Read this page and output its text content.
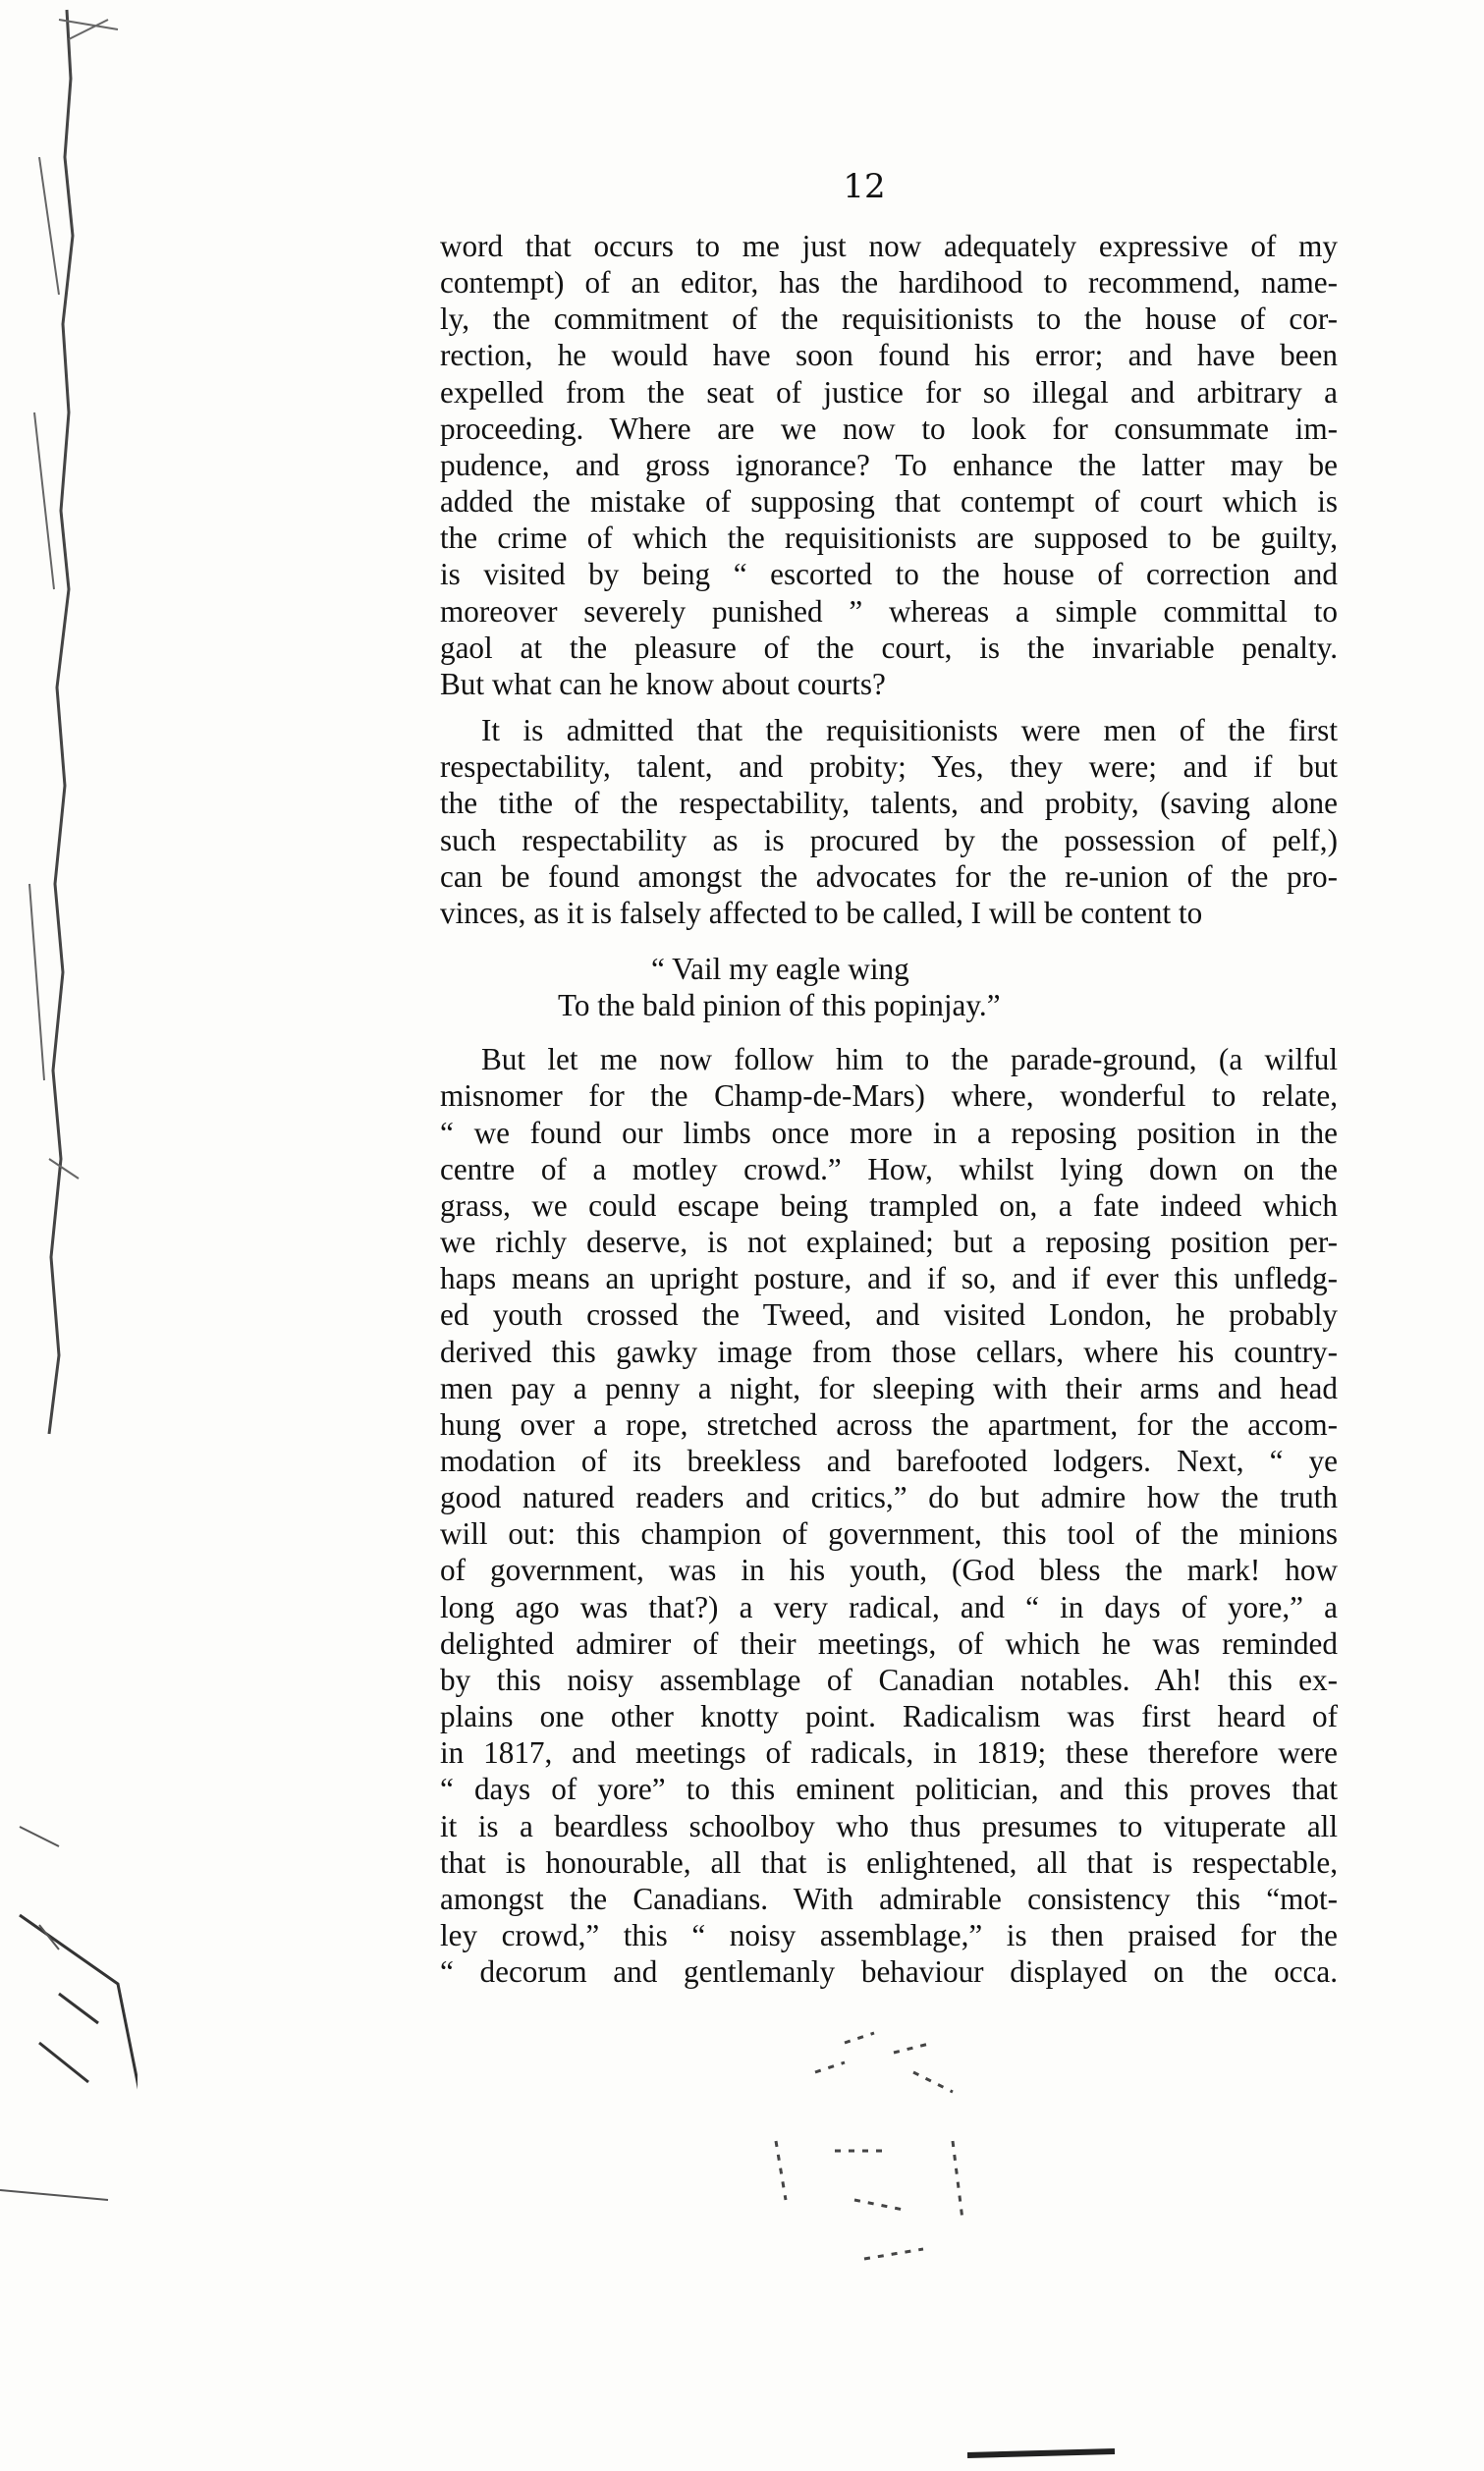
12

word that occurs to me just now adequately expressive of my
contempt) of an editor, has the hardihood to recommend, name-
ly, the commitment of the requisitionists to the house of cor-
rection, he would have soon found his error; and have been
expelled from the seat of justice for so illegal and arbitrary a
proceeding. Where are we now to look for consummate im-
pudence, and gross ignorance? To enhance the latter may be
added the mistake of supposing that contempt of court which is
the crime of which the requisitionists are supposed to be guilty,
is visited by being “ escorted to the house of correction and
moreover severely punished ” whereas a simple committal to
gaol at the pleasure of the court, is the invariable penalty.
But what can he know about courts?

It is admitted that the requisitionists were men of the first
respectability, talent, and probity; Yes, they were; and if but
the tithe of the respectability, talents, and probity, (saving alone
such respectability as is procured by the possession of pelf,)
can be found amongst the advocates for the re-union of the pro-
vinces, as it is falsely affected to be called, I will be content to

“ Vail my eagle wing
To the bald pinion of this popinjay.”

But let me now follow him to the parade-ground, (a wilful
misnomer for the Champ-de-Mars) where, wonderful to relate,
“ we found our limbs once more in a reposing position in the
centre of a motley crowd.” How, whilst lying down on the
grass, we could escape being trampled on, a fate indeed which
we richly deserve, is not explained; but a reposing position per-
haps means an upright posture, and if so, and if ever this unfledg-
ed youth crossed the Tweed, and visited London, he probably
derived this gawky image from those cellars, where his country-
men pay a penny a night, for sleeping with their arms and head
hung over a rope, stretched across the apartment, for the accom-
modation of its breekless and barefooted lodgers. Next, “ ye
good natured readers and critics,” do but admire how the truth
will out: this champion of government, this tool of the minions
of government, was in his youth, (God bless the mark! how
long ago was that?) a very radical, and “ in days of yore,” a
delighted admirer of their meetings, of which he was reminded
by this noisy assemblage of Canadian notables. Ah! this ex-
plains one other knotty point. Radicalism was first heard of
in 1817, and meetings of radicals, in 1819; these therefore were
“ days of yore” to this eminent politician, and this proves that
it is a beardless schoolboy who thus presumes to vituperate all
that is honourable, all that is enlightened, all that is respectable,
amongst the Canadians. With admirable consistency this “mot-
ley crowd,” this “ noisy assemblage,” is then praised for the
“ decorum and gentlemanly behaviour displayed on the occa.
